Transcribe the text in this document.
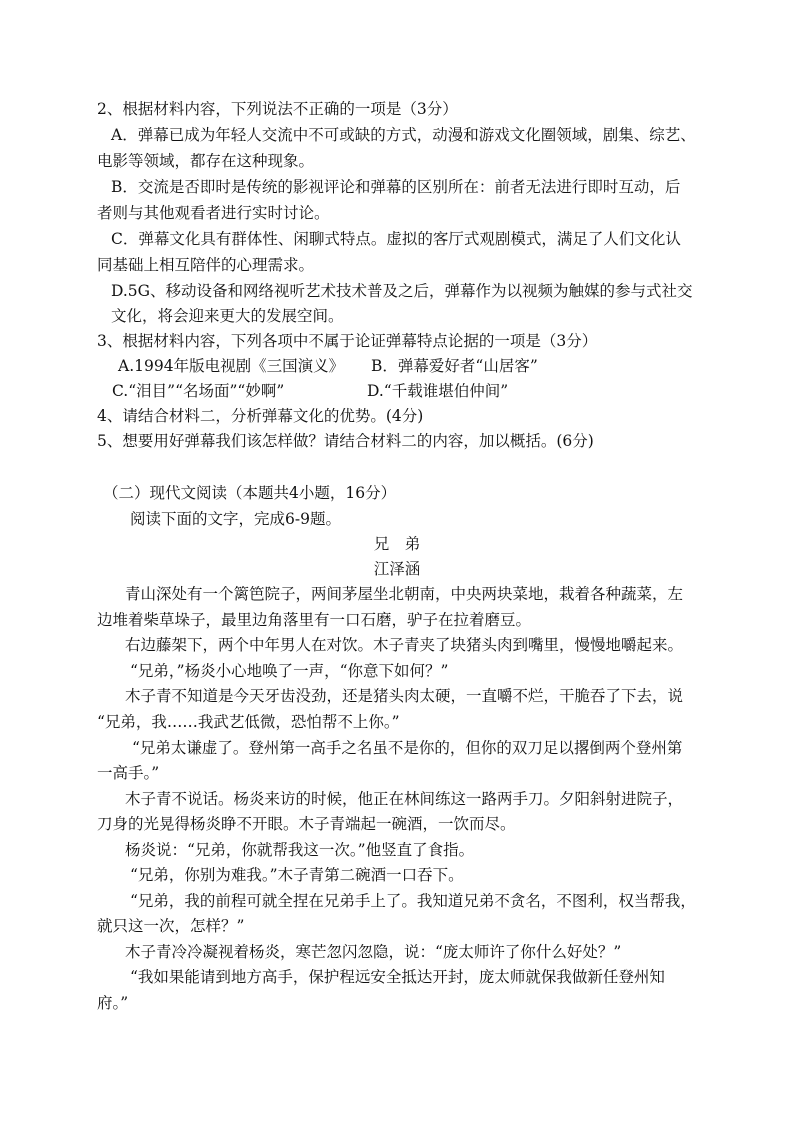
2、根据材料内容，下列说法不正确的一项是（3分）
A．弹幕已成为年轻人交流中不可或缺的方式，动漫和游戏文化圈领域，剧集、综艺、
电影等领域，都存在这种现象。
B．交流是否即时是传统的影视评论和弹幕的区别所在：前者无法进行即时互动，后
者则与其他观看者进行实时讨论。
C．弹幕文化具有群体性、闲聊式特点。虚拟的客厅式观剧模式，满足了人们文化认
同基础上相互陪伴的心理需求。
D.5G、移动设备和网络视听艺术技术普及之后，弹幕作为以视频为触媒的参与式社交
文化，将会迎来更大的发展空间。
3、根据材料内容，下列各项中不属于论证弹幕特点论据的一项是（3分）
A.1994年版电视剧《三国演义》 B．弹幕爱好者“山居客”
C.“泪目”“名场面”“妙啊”	D.“千载谁堪伯仲间”
4、请结合材料二，分析弹幕文化的优势。(4分)
5、想要用好弹幕我们该怎样做？请结合材料二的内容，加以概括。(6分)
（二）现代文阅读（本题共4小题，16分）
阅读下面的文字，完成6-9题。
兄　弟
江泽涵
青山深处有一个篱笆院子，两间茅屋坐北朝南，中央两块菜地，栽着各种蔬菜，左
边堆着柴草垛子，最里边角落里有一口石磨，驴子在拉着磨豆。
右边藤架下，两个中年男人在对饮。木子青夹了块猪头肉到嘴里，慢慢地嚼起来。
“兄弟，”杨炎小心地唤了一声，“你意下如何？”
木子青不知道是今天牙齿没劲，还是猪头肉太硬，一直嚼不烂，干脆吞了下去，说
“兄弟，我……我武艺低微，恐怕帮不上你。”
“兄弟太谦虚了。登州第一高手之名虽不是你的，但你的双刀足以撂倒两个登州第
一高手。”
木子青不说话。杨炎来访的时候，他正在林间练这一路两手刀。夕阳斜射进院子，
刀身的光晃得杨炎睁不开眼。木子青端起一碗酒，一饮而尽。
杨炎说：“兄弟，你就帮我这一次。”他竖直了食指。
“兄弟，你别为难我。”木子青第二碗酒一口吞下。
“兄弟，我的前程可就全捏在兄弟手上了。我知道兄弟不贪名，不图利，权当帮我，
就只这一次，怎样？”
木子青冷冷凝视着杨炎，寒芒忽闪忽隐，说：“庞太师许了你什么好处？”
“我如果能请到地方高手，保护程远安全抵达开封，庞太师就保我做新任登州知
府。”
